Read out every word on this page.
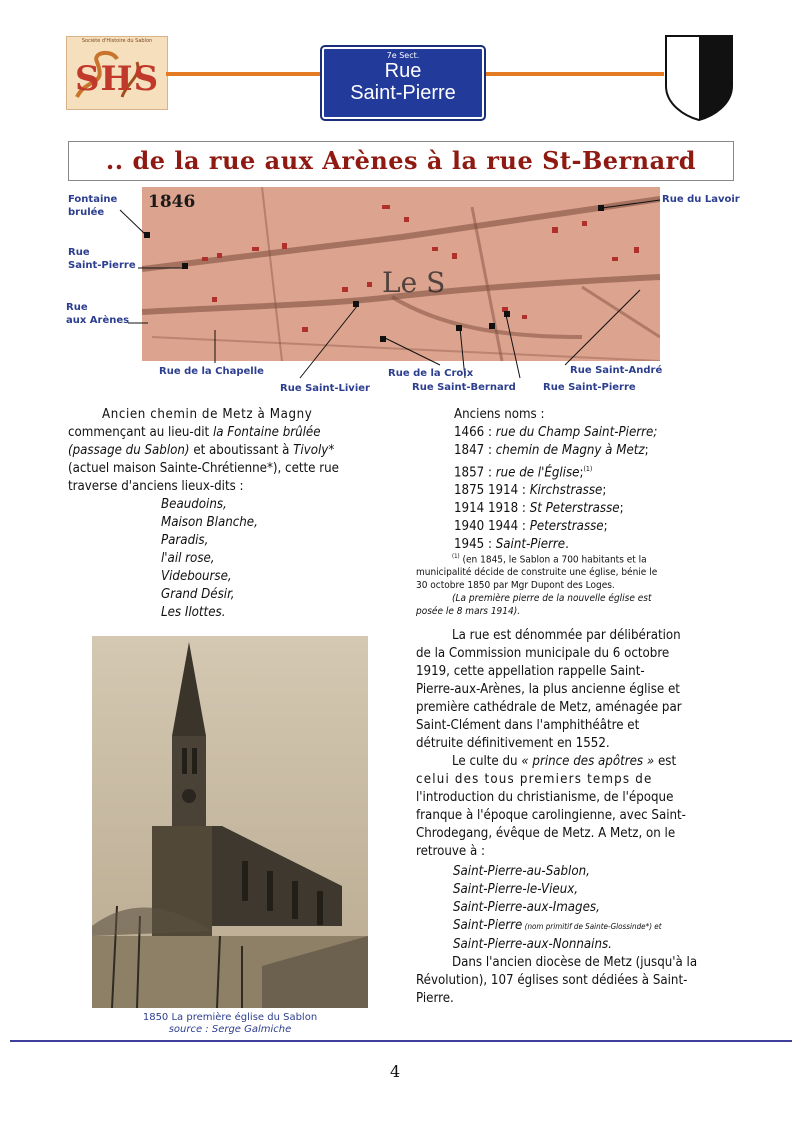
Société d'Histoire du Sablon
SHS
7e Sect.
Rue
Saint-Pierre
.. de la rue aux Arènes à la rue St-Bernard
Le S
1846
Fontaine
brulée
Rue
Saint-Pierre
Rue
aux Arènes
Rue de la Chapelle
Rue Saint-Livier
Rue de la Croix
Rue Saint-Bernard	Rue Saint-Pierre
Rue Saint-André
Rue du Lavoir
Ancien chemin de Metz à Magny
commençant au lieu-dit la Fontaine brûlée
(passage du Sablon) et aboutissant à Tivoly*
(actuel maison Sainte-Chrétienne*), cette rue
traverse d'anciens lieux-dits :
Beaudoins,
Maison Blanche,
Paradis,
l'ail rose,
Videbourse,
Grand Désir,
Les Ilottes.
1850 La première église du Sablon
source : Serge Galmiche
Anciens noms :
1466 : rue du Champ Saint-Pierre;
1847 : chemin de Magny à Metz;
1857 : rue de l'Église;$^{(1)}$
1875 1914 : Kirchstrasse;
1914 1918 : St Peterstrasse;
1940 1944 : Peterstrasse;
1945 : Saint-Pierre.
$^{(1)}$ (en 1845, le Sablon a 700 habitants et la
municipalité décide de construite une église, bénie le
30 octobre 1850 par Mgr Dupont des Loges.
(La première pierre de la nouvelle église est
posée le 8 mars 1914).
La rue est dénommée par délibération
de la Commission municipale du 6 octobre
1919, cette appellation rappelle Saint-
Pierre-aux-Arènes, la plus ancienne église et
première cathédrale de Metz, aménagée par
Saint-Clément dans l'amphithéâtre et
détruite définitivement en 1552.
Le culte du « prince des apôtres » est
celui des tous premiers temps de
l'introduction du christianisme, de l'époque
franque à l'époque carolingienne, avec Saint-
Chrodegang, évêque de Metz. A Metz, on le
retrouve à :
Saint-Pierre-au-Sablon,
Saint-Pierre-le-Vieux,
Saint-Pierre-aux-Images,
Saint-Pierre (nom primitif de Sainte-Glossinde*) et
Saint-Pierre-aux-Nonnains.
Dans l'ancien diocèse de Metz (jusqu'à la
Révolution), 107 églises sont dédiées à Saint-
Pierre.
4
